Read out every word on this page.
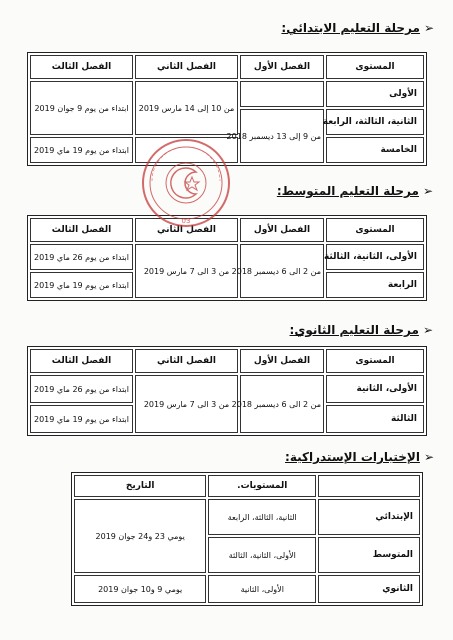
➢مرحلة التعليم الابتدائي:
المستوى	الفصل الأول	الفصل الثاني	الفصل الثالث
الأولى		من 10 إلى 14 مارس 2019	ابتداء من يوم 9 جوان 2019
الثانية، الثالثة، الرابعة	من 9 إلى 13 ديسمبر 2018		
الخامسة			ابتداء من يوم 19 ماي 2019
➢مرحلة التعليم المتوسط:
المستوى	الفصل الأول	الفصل الثاني	الفصل الثالث
الأولى، الثانية، الثالثة	من 2 الى 6 ديسمبر 2018	من 3 الى 7 مارس 2019	ابتداء من يوم 26 ماي 2019
الرابعة			ابتداء من يوم 19 ماي 2019
➢مرحلة التعليم الثانوي:
المستوى	الفصل الأول	الفصل الثاني	الفصل الثالث
الأولى، الثانية	من 2 الى 6 ديسمبر 2018	من 3 الى 7 مارس 2019	ابتداء من يوم 26 ماي 2019
الثالثة			ابتداء من يوم 19 ماي 2019
➢الإختبارات الإستدراكية:
	المستويات.	التاريخ
الإبتدائي	الثانية، الثالثة، الرابعة	يومي 23 و24 جوان 2019
المتوسط	الأولى، الثانية، الثالثة	
الثانوي	الأولى، الثانية	يومي 9 و10 جوان 2019
03
